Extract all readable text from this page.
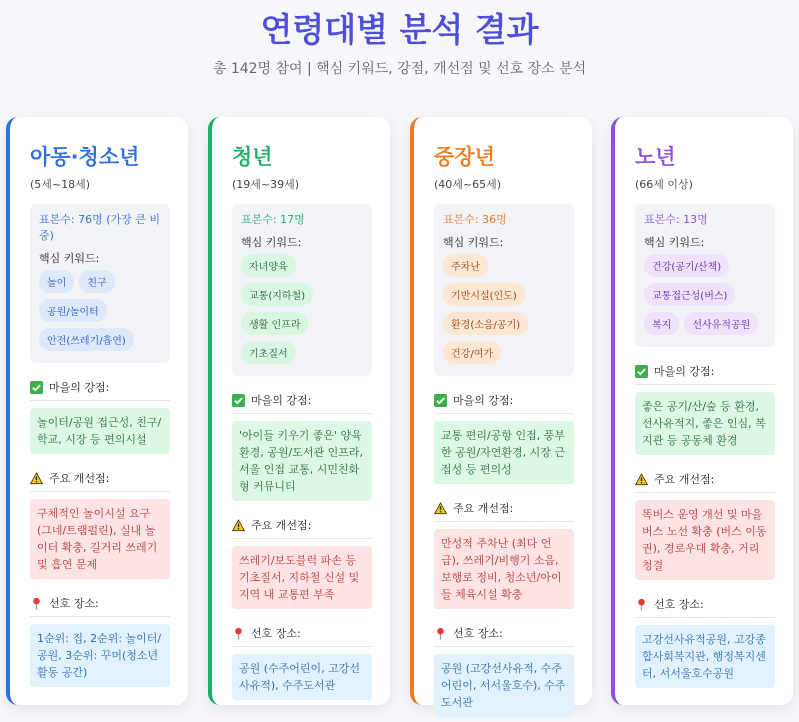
연령대별 분석 결과
총 142명 참여 | 핵심 키워드, 강점, 개선점 및 선호 장소 분석
아동·청소년
(5세~18세)
표본수: 76명 (가장 큰 비중)
핵심 키워드:
놀이	친구
공원/놀이터
안전(쓰레기/흡연)
마을의 강점:
놀이터/공원 접근성, 친구/학교, 시장 등 편의시설
주요 개선점:
구체적인 놀이시설 요구(그네/트램펄린), 실내 놀이터 확충, 길거리 쓰레기 및 흡연 문제
선호 장소:
1순위: 집, 2순위: 놀이터/공원, 3순위: 꾸머(청소년 활동 공간)
청년
(19세~39세)
표본수: 17명
핵심 키워드:
자녀양육
교통(지하철)
생활 인프라
기초질서
마을의 강점:
'아이들 키우기 좋은' 양육 환경, 공원/도서관 인프라, 서울 인접 교통, 시민친화형 커뮤니티
주요 개선점:
쓰레기/보도블럭 파손 등 기초질서, 지하철 신설 및 지역 내 교통편 부족
선호 장소:
공원 (수주어린이, 고강선사유적), 수주도서관
중장년
(40세~65세)
표본수: 36명
핵심 키워드:
주차난
기반시설(인도)
환경(소음/공기)
건강/여가
마을의 강점:
교통 편리/공항 인접, 풍부한 공원/자연환경, 시장 근접성 등 편의성
주요 개선점:
만성적 주차난 (최다 언급), 쓰레기/비행기 소음, 보행로 정비, 청소년/아이들 체육시설 확충
선호 장소:
공원 (고강선사유적, 수주어린이, 서서울호수), 수주도서관
노년
(66세 이상)
표본수: 13명
핵심 키워드:
건강(공기/산책)
교통접근성(버스)
복지	선사유적공원
마을의 강점:
좋은 공기/산/숲 등 환경, 선사유적지, 좋은 인심, 복지관 등 공동체 환경
주요 개선점:
똑버스 운영 개선 및 마을버스 노선 확충 (버스 이동권), 경로우대 확충, 거리 청결
선호 장소:
고강선사유적공원, 고강종합사회복지관, 행정복지센터, 서서울호수공원
